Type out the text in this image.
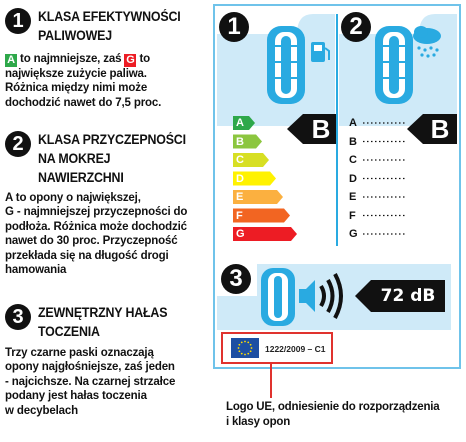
1	KLASA EFEKTYWNOŚCI
PALIWOWEJ
A to najmniejsze, zaś G to
największe zużycie paliwa.
Różnica między nimi może
dochodzić nawet do 7,5 proc.
2	KLASA PRZYCZEPNOŚCI
NA MOKREJ
NAWIERZCHNI
A to opony o największej,
G - najmniejszej przyczepności do
podłoża. Różnica może dochodzić
nawet do 30 proc. Przyczepność
przekłada się na długość drogi
hamowania
3	ZEWNĘTRZNY HAŁAS
TOCZENIA
Trzy czarne paski oznaczają
opony najgłośniejsze, zaś jeden
- najcichsze. Na czarnej strzałce
podany jest hałas toczenia
w decybelach
1	2
3
B	B
72 dB
1222/2009 – C1
A
B
C
D
E
F
G
A
B
C
D
E
F
G
Logo UE, odniesienie do rozporządzenia
i klasy opon
